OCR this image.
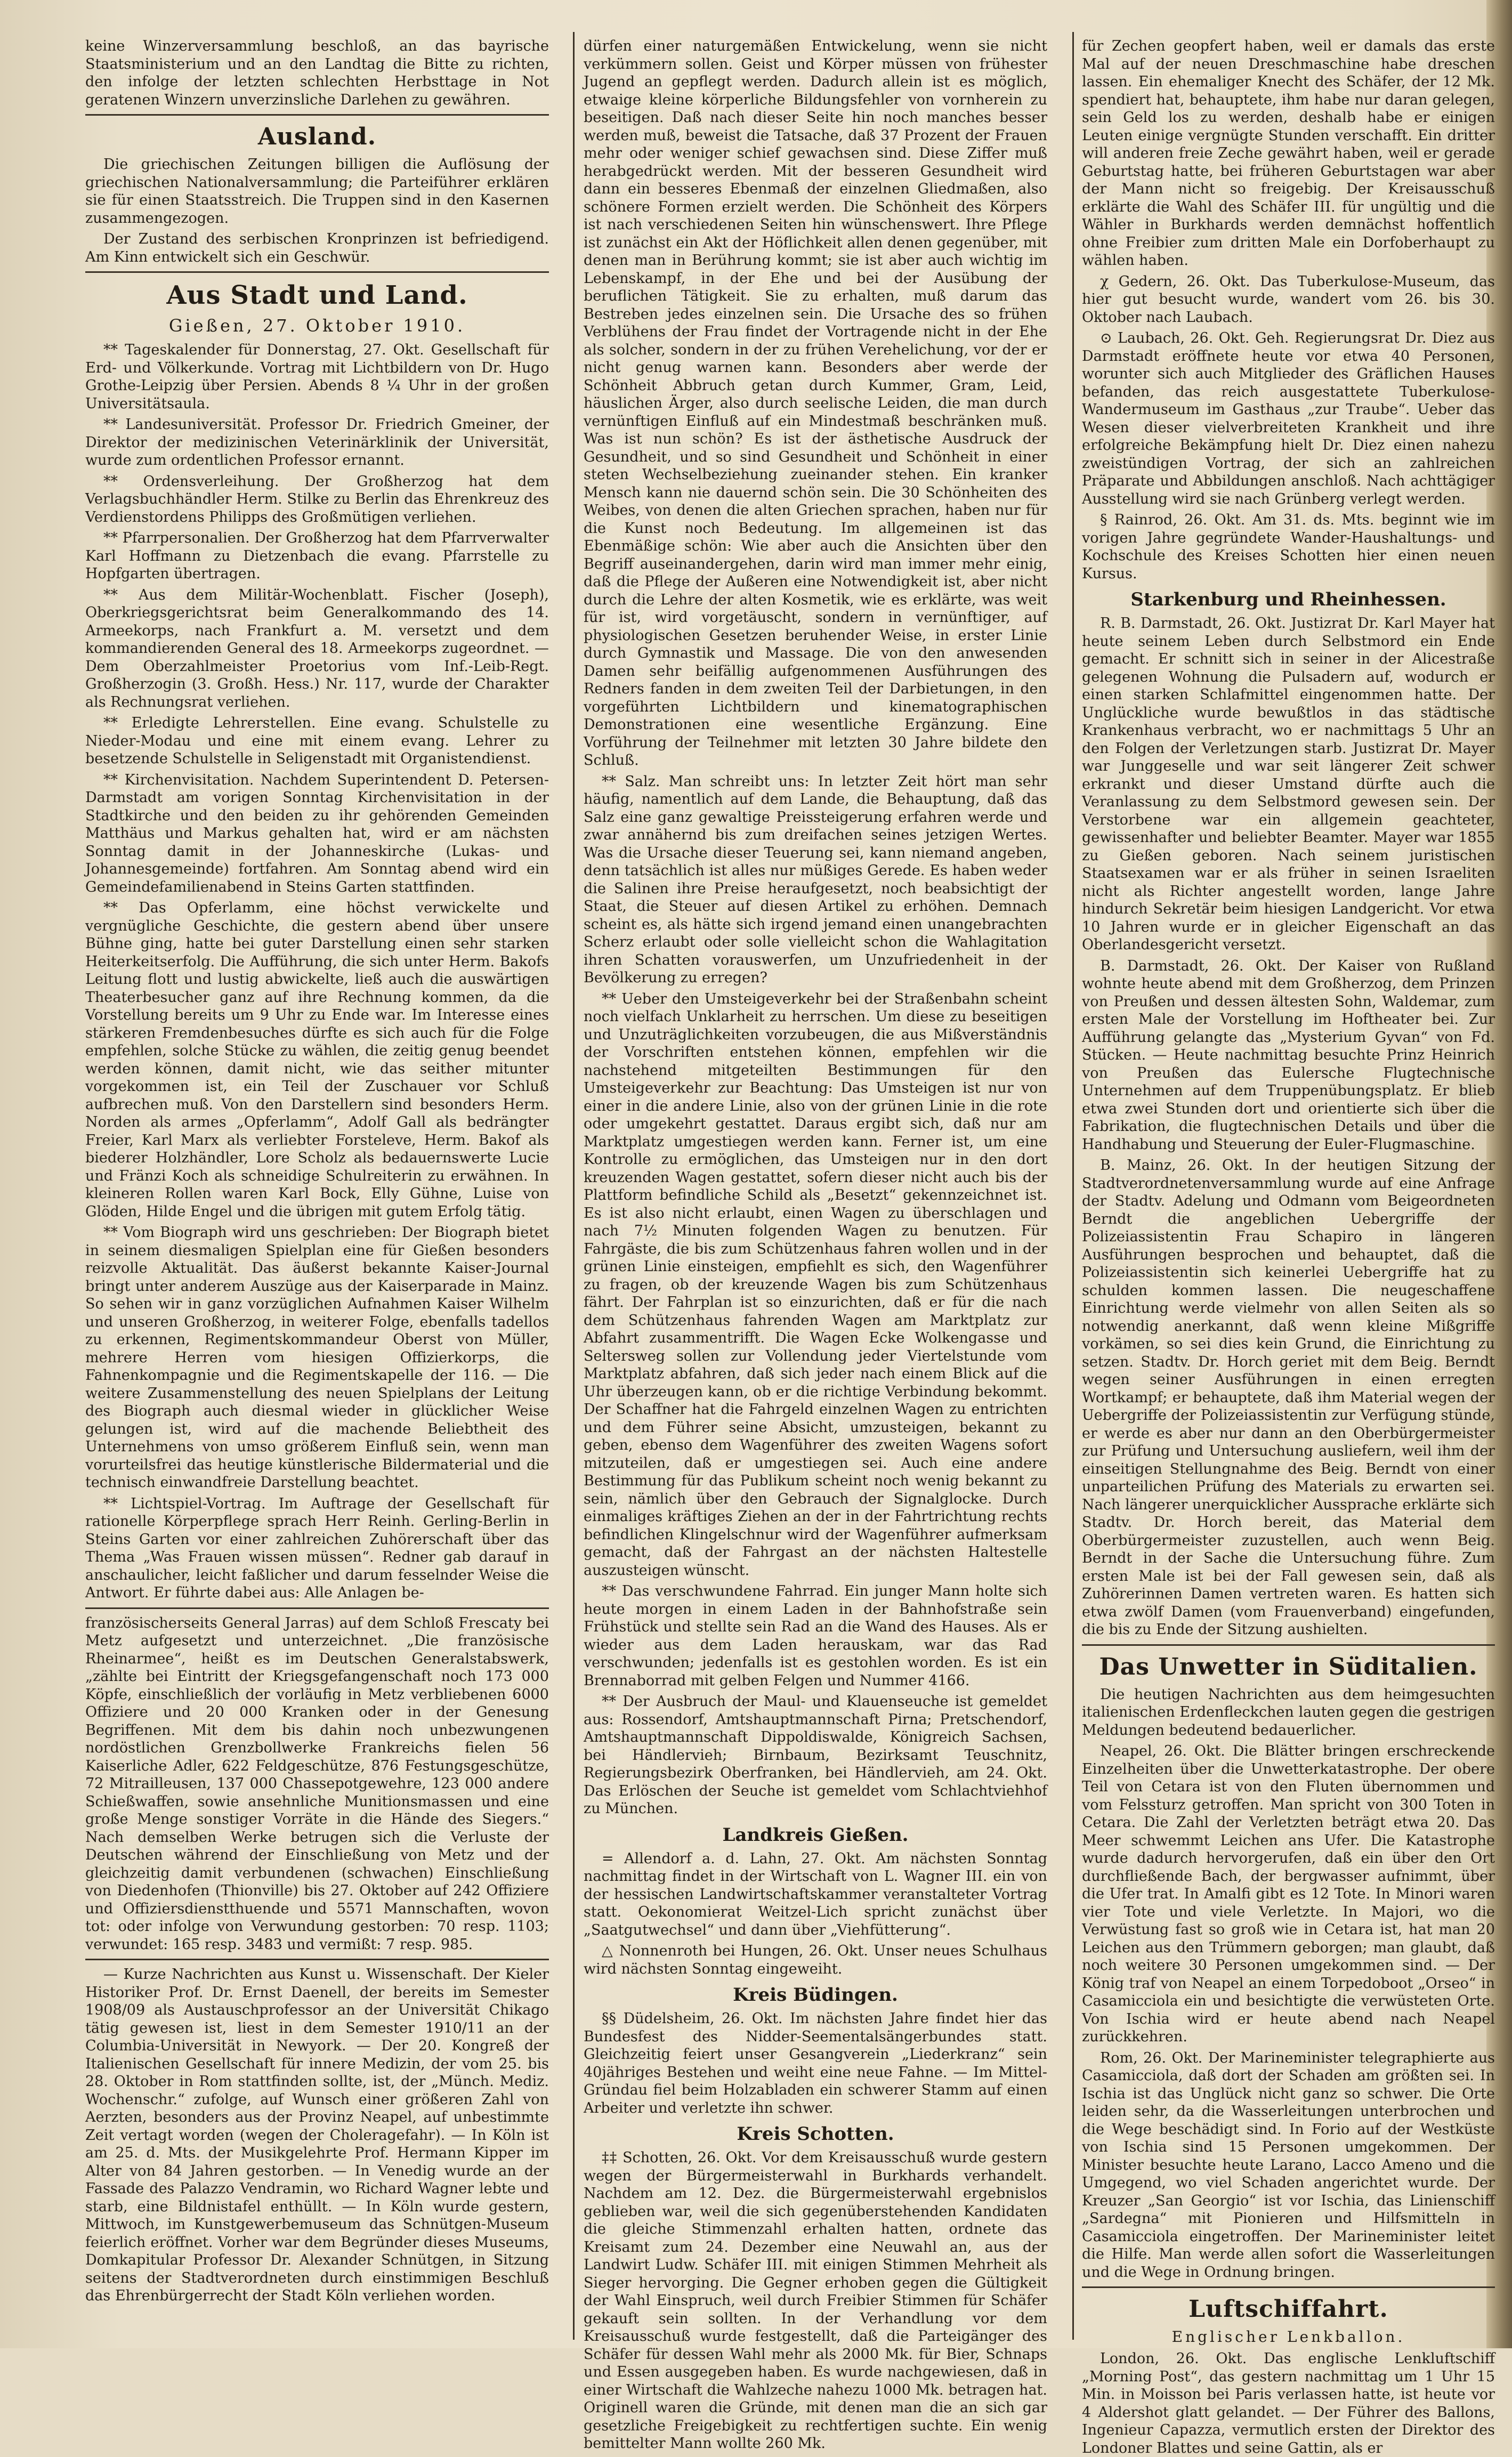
keine Winzerversammlung beschloß, an das bayrische Staatsministerium und an den Landtag die Bitte zu richten, den infolge der letzten schlechten Herbsttage in Not geratenen Winzern unverzinsliche Darlehen zu gewähren.

Ausland.

Die griechischen Zeitungen billigen die Auflösung der griechischen Nationalversammlung; die Parteiführer erklären sie für einen Staatsstreich. Die Truppen sind in den Kasernen zusammengezogen.

Der Zustand des serbischen Kronprinzen ist befriedigend. Am Kinn entwickelt sich ein Geschwür.

Aus Stadt und Land.
Gießen, 27. Oktober 1910.

** Tageskalender für Donnerstag, 27. Okt. Gesellschaft für Erd- und Völkerkunde. Vortrag mit Lichtbildern von Dr. Hugo Grothe-Leipzig über Persien. Abends 8 ¼ Uhr in der großen Universitätsaula.

** Landesuniversität. Professor Dr. Friedrich Gmeiner, der Direktor der medizinischen Veterinärklinik der Universität, wurde zum ordentlichen Professor ernannt.

** Ordensverleihung. Der Großherzog hat dem Verlagsbuchhändler Herm. Stilke zu Berlin das Ehrenkreuz des Verdienstordens Philipps des Großmütigen verliehen.

** Pfarrpersonalien. Der Großherzog hat dem Pfarrverwalter Karl Hoffmann zu Dietzenbach die evang. Pfarrstelle zu Hopfgarten übertragen.

** Aus dem Militär-Wochenblatt. Fischer (Joseph), Oberkriegsgerichtsrat beim Generalkommando des 14. Armeekorps, nach Frankfurt a. M. versetzt und dem kommandierenden General des 18. Armeekorps zugeordnet. — Dem Oberzahlmeister Proetorius vom Inf.-Leib-Regt. Großherzogin (3. Großh. Hess.) Nr. 117, wurde der Charakter als Rechnungsrat verliehen.

** Erledigte Lehrerstellen. Eine evang. Schulstelle zu Nieder-Modau und eine mit einem evang. Lehrer zu besetzende Schulstelle in Seligenstadt mit Organistendienst.

** Kirchenvisitation. Nachdem Superintendent D. Petersen-Darmstadt am vorigen Sonntag Kirchenvisitation in der Stadtkirche und den beiden zu ihr gehörenden Gemeinden Matthäus und Markus gehalten hat, wird er am nächsten Sonntag damit in der Johanneskirche (Lukas- und Johannesgemeinde) fortfahren. Am Sonntag abend wird ein Gemeindefamilienabend in Steins Garten stattfinden.

** Das Opferlamm, eine höchst verwickelte und vergnügliche Geschichte, die gestern abend über unsere Bühne ging, hatte bei guter Darstellung einen sehr starken Heiterkeitserfolg. Die Aufführung, die sich unter Herm. Bakofs Leitung flott und lustig abwickelte, ließ auch die auswärtigen Theaterbesucher ganz auf ihre Rechnung kommen, da die Vorstellung bereits um 9 Uhr zu Ende war. Im Interesse eines stärkeren Fremdenbesuches dürfte es sich auch für die Folge empfehlen, solche Stücke zu wählen, die zeitig genug beendet werden können, damit nicht, wie das seither mitunter vorgekommen ist, ein Teil der Zuschauer vor Schluß aufbrechen muß. Von den Darstellern sind besonders Herm. Norden als armes „Opferlamm“, Adolf Gall als bedrängter Freier, Karl Marx als verliebter Forsteleve, Herm. Bakof als biederer Holzhändler, Lore Scholz als bedauernswerte Lucie und Fränzi Koch als schneidige Schulreiterin zu erwähnen. In kleineren Rollen waren Karl Bock, Elly Gühne, Luise von Glöden, Hilde Engel und die übrigen mit gutem Erfolg tätig.

** Vom Biograph wird uns geschrieben: Der Biograph bietet in seinem diesmaligen Spielplan eine für Gießen besonders reizvolle Aktualität. Das äußerst bekannte Kaiser-Journal bringt unter anderem Auszüge aus der Kaiserparade in Mainz. So sehen wir in ganz vorzüglichen Aufnahmen Kaiser Wilhelm und unseren Großherzog, in weiterer Folge, ebenfalls tadellos zu erkennen, Regimentskommandeur Oberst von Müller, mehrere Herren vom hiesigen Offizierkorps, die Fahnenkompagnie und die Regimentskapelle der 116. — Die weitere Zusammenstellung des neuen Spielplans der Leitung des Biograph auch diesmal wieder in glücklicher Weise gelungen ist, wird auf die machende Beliebtheit des Unternehmens von umso größerem Einfluß sein, wenn man vorurteilsfrei das heutige künstlerische Bildermaterial und die technisch einwandfreie Darstellung beachtet.

** Lichtspiel-Vortrag. Im Auftrage der Gesellschaft für rationelle Körperpflege sprach Herr Reinh. Gerling-Berlin in Steins Garten vor einer zahlreichen Zuhörerschaft über das Thema „Was Frauen wissen müssen“. Redner gab darauf in anschaulicher, leicht faßlicher und darum fesselnder Weise die Antwort. Er führte dabei aus: Alle Anlagen be-

französischerseits General Jarras) auf dem Schloß Frescaty bei Metz aufgesetzt und unterzeichnet. „Die französische Rheinarmee“, heißt es im Deutschen Generalstabswerk, „zählte bei Eintritt der Kriegsgefangenschaft noch 173 000 Köpfe, einschließlich der vorläufig in Metz verbliebenen 6000 Offiziere und 20 000 Kranken oder in der Genesung Begriffenen. Mit dem bis dahin noch unbezwungenen nordöstlichen Grenzbollwerke Frankreichs fielen 56 Kaiserliche Adler, 622 Feldgeschütze, 876 Festungsgeschütze, 72 Mitrailleusen, 137 000 Chassepotgewehre, 123 000 andere Schießwaffen, sowie ansehnliche Munitionsmassen und eine große Menge sonstiger Vorräte in die Hände des Siegers.“ Nach demselben Werke betrugen sich die Verluste der Deutschen während der Einschließung von Metz und der gleichzeitig damit verbundenen (schwachen) Einschließung von Diedenhofen (Thionville) bis 27. Oktober auf 242 Offiziere und Offiziersdienstthuende und 5571 Mannschaften, wovon tot: oder infolge von Verwundung gestorben: 70 resp. 1103; verwundet: 165 resp. 3483 und vermißt: 7 resp. 985.

— Kurze Nachrichten aus Kunst u. Wissenschaft. Der Kieler Historiker Prof. Dr. Ernst Daenell, der bereits im Semester 1908/09 als Austauschprofessor an der Universität Chikago tätig gewesen ist, liest in dem Semester 1910/11 an der Columbia-Universität in Newyork. — Der 20. Kongreß der Italienischen Gesellschaft für innere Medizin, der vom 25. bis 28. Oktober in Rom stattfinden sollte, ist, der „Münch. Mediz. Wochenschr.“ zufolge, auf Wunsch einer größeren Zahl von Aerzten, besonders aus der Provinz Neapel, auf unbestimmte Zeit vertagt worden (wegen der Choleragefahr). — In Köln ist am 25. d. Mts. der Musikgelehrte Prof. Hermann Kipper im Alter von 84 Jahren gestorben. — In Venedig wurde an der Fassade des Palazzo Vendramin, wo Richard Wagner lebte und starb, eine Bildnistafel enthüllt. — In Köln wurde gestern, Mittwoch, im Kunstgewerbemuseum das Schnütgen-Museum feierlich eröffnet. Vorher war dem Begründer dieses Museums, Domkapitular Professor Dr. Alexander Schnütgen, in Sitzung seitens der Stadtverordneten durch einstimmigen Beschluß das Ehrenbürgerrecht der Stadt Köln verliehen worden.

dürfen einer naturgemäßen Entwickelung, wenn sie nicht verkümmern sollen. Geist und Körper müssen von frühester Jugend an gepflegt werden. Dadurch allein ist es möglich, etwaige kleine körperliche Bildungsfehler von vornherein zu beseitigen. Daß nach dieser Seite hin noch manches besser werden muß, beweist die Tatsache, daß 37 Prozent der Frauen mehr oder weniger schief gewachsen sind. Diese Ziffer muß herabgedrückt werden. Mit der besseren Gesundheit wird dann ein besseres Ebenmaß der einzelnen Gliedmaßen, also schönere Formen erzielt werden. Die Schönheit des Körpers ist nach verschiedenen Seiten hin wünschenswert. Ihre Pflege ist zunächst ein Akt der Höflichkeit allen denen gegenüber, mit denen man in Berührung kommt; sie ist aber auch wichtig im Lebenskampf, in der Ehe und bei der Ausübung der beruflichen Tätigkeit. Sie zu erhalten, muß darum das Bestreben jedes einzelnen sein. Die Ursache des so frühen Verblühens der Frau findet der Vortragende nicht in der Ehe als solcher, sondern in der zu frühen Verehelichung, vor der er nicht genug warnen kann. Besonders aber werde der Schönheit Abbruch getan durch Kummer, Gram, Leid, häuslichen Ärger, also durch seelische Leiden, die man durch vernünftigen Einfluß auf ein Mindestmaß beschränken muß. Was ist nun schön? Es ist der ästhetische Ausdruck der Gesundheit, und so sind Gesundheit und Schönheit in einer steten Wechselbeziehung zueinander stehen. Ein kranker Mensch kann nie dauernd schön sein. Die 30 Schönheiten des Weibes, von denen die alten Griechen sprachen, haben nur für die Kunst noch Bedeutung. Im allgemeinen ist das Ebenmäßige schön: Wie aber auch die Ansichten über den Begriff auseinandergehen, darin wird man immer mehr einig, daß die Pflege der Außeren eine Notwendigkeit ist, aber nicht durch die Lehre der alten Kosmetik, wie es erklärte, was weit für ist, wird vorgetäuscht, sondern in vernünftiger, auf physiologischen Gesetzen beruhender Weise, in erster Linie durch Gymnastik und Massage. Die von den anwesenden Damen sehr beifällig aufgenommenen Ausführungen des Redners fanden in dem zweiten Teil der Darbietungen, in den vorgeführten Lichtbildern und kinematographischen Demonstrationen eine wesentliche Ergänzung. Eine Vorführung der Teilnehmer mit letzten 30 Jahre bildete den Schluß.

** Salz. Man schreibt uns: In letzter Zeit hört man sehr häufig, namentlich auf dem Lande, die Behauptung, daß das Salz eine ganz gewaltige Preissteigerung erfahren werde und zwar annähernd bis zum dreifachen seines jetzigen Wertes. Was die Ursache dieser Teuerung sei, kann niemand angeben, denn tatsächlich ist alles nur müßiges Gerede. Es haben weder die Salinen ihre Preise heraufgesetzt, noch beabsichtigt der Staat, die Steuer auf diesen Artikel zu erhöhen. Demnach scheint es, als hätte sich irgend jemand einen unangebrachten Scherz erlaubt oder solle vielleicht schon die Wahlagitation ihren Schatten vorauswerfen, um Unzufriedenheit in der Bevölkerung zu erregen?

** Ueber den Umsteigeverkehr bei der Straßenbahn scheint noch vielfach Unklarheit zu herrschen. Um diese zu beseitigen und Unzuträglichkeiten vorzubeugen, die aus Mißverständnis der Vorschriften entstehen können, empfehlen wir die nachstehend mitgeteilten Bestimmungen für den Umsteigeverkehr zur Beachtung: Das Umsteigen ist nur von einer in die andere Linie, also von der grünen Linie in die rote oder umgekehrt gestattet. Daraus ergibt sich, daß nur am Marktplatz umgestiegen werden kann. Ferner ist, um eine Kontrolle zu ermöglichen, das Umsteigen nur in den dort kreuzenden Wagen gestattet, sofern dieser nicht auch bis der Plattform befindliche Schild als „Besetzt“ gekennzeichnet ist. Es ist also nicht erlaubt, einen Wagen zu überschlagen und nach 7½ Minuten folgenden Wagen zu benutzen. Für Fahrgäste, die bis zum Schützenhaus fahren wollen und in der grünen Linie einsteigen, empfiehlt es sich, den Wagenführer zu fragen, ob der kreuzende Wagen bis zum Schützenhaus fährt. Der Fahrplan ist so einzurichten, daß er für die nach dem Schützenhaus fahrenden Wagen am Marktplatz zur Abfahrt zusammentrifft. Die Wagen Ecke Wolkengasse und Seltersweg sollen zur Vollendung jeder Viertelstunde vom Marktplatz abfahren, daß sich jeder nach einem Blick auf die Uhr überzeugen kann, ob er die richtige Verbindung bekommt. Der Schaffner hat die Fahrgeld einzelnen Wagen zu entrichten und dem Führer seine Absicht, umzusteigen, bekannt zu geben, ebenso dem Wagenführer des zweiten Wagens sofort mitzuteilen, daß er umgestiegen sei. Auch eine andere Bestimmung für das Publikum scheint noch wenig bekannt zu sein, nämlich über den Gebrauch der Signalglocke. Durch einmaliges kräftiges Ziehen an der in der Fahrtrichtung rechts befindlichen Klingelschnur wird der Wagenführer aufmerksam gemacht, daß der Fahrgast an der nächsten Haltestelle auszusteigen wünscht.

** Das verschwundene Fahrrad. Ein junger Mann holte sich heute morgen in einem Laden in der Bahnhofstraße sein Frühstück und stellte sein Rad an die Wand des Hauses. Als er wieder aus dem Laden herauskam, war das Rad verschwunden; jedenfalls ist es gestohlen worden. Es ist ein Brennaborrad mit gelben Felgen und Nummer 4166.

** Der Ausbruch der Maul- und Klauenseuche ist gemeldet aus: Rossendorf, Amtshauptmannschaft Pirna; Pretschendorf, Amtshauptmannschaft Dippoldiswalde, Königreich Sachsen, bei Händlervieh; Birnbaum, Bezirksamt Teuschnitz, Regierungsbezirk Oberfranken, bei Händlervieh, am 24. Okt. Das Erlöschen der Seuche ist gemeldet vom Schlachtviehhof zu München.

Landkreis Gießen.

= Allendorf a. d. Lahn, 27. Okt. Am nächsten Sonntag nachmittag findet in der Wirtschaft von L. Wagner III. ein von der hessischen Landwirtschaftskammer veranstalteter Vortrag statt. Oekonomierat Weitzel-Lich spricht zunächst über „Saatgutwechsel“ und dann über „Viehfütterung“.

△ Nonnenroth bei Hungen, 26. Okt. Unser neues Schulhaus wird nächsten Sonntag eingeweiht.

Kreis Büdingen.

§§ Düdelsheim, 26. Okt. Im nächsten Jahre findet hier das Bundesfest des Nidder-Seementalsängerbundes statt. Gleichzeitig feiert unser Gesangverein „Liederkranz“ sein 40jähriges Bestehen und weiht eine neue Fahne. — Im Mittel-Gründau fiel beim Holzabladen ein schwerer Stamm auf einen Arbeiter und verletzte ihn schwer.

Kreis Schotten.

‡‡ Schotten, 26. Okt. Vor dem Kreisausschuß wurde gestern wegen der Bürgermeisterwahl in Burkhards verhandelt. Nachdem am 12. Dez. die Bürgermeisterwahl ergebnislos geblieben war, weil die sich gegenüberstehenden Kandidaten die gleiche Stimmenzahl erhalten hatten, ordnete das Kreisamt zum 24. Dezember eine Neuwahl an, aus der Landwirt Ludw. Schäfer III. mit einigen Stimmen Mehrheit als Sieger hervorging. Die Gegner erhoben gegen die Gültigkeit der Wahl Einspruch, weil durch Freibier Stimmen für Schäfer gekauft sein sollten. In der Verhandlung vor dem Kreisausschuß wurde festgestellt, daß die Parteigänger des Schäfer für dessen Wahl mehr als 2000 Mk. für Bier, Schnaps und Essen ausgegeben haben. Es wurde nachgewiesen, daß in einer Wirtschaft die Wahlzeche nahezu 1000 Mk. betragen hat. Originell waren die Gründe, mit denen man die an sich gar gesetzliche Freigebigkeit zu rechtfertigen suchte. Ein wenig bemittelter Mann wollte 260 Mk.

für Zechen geopfert haben, weil er damals das erste Mal auf der neuen Dreschmaschine habe dreschen lassen. Ein ehemaliger Knecht des Schäfer, der 12 Mk. spendiert hat, behauptete, ihm habe nur daran gelegen, sein Geld los zu werden, deshalb habe er einigen Leuten einige vergnügte Stunden verschafft. Ein dritter will anderen freie Zeche gewährt haben, weil er gerade Geburtstag hatte, bei früheren Geburtstagen war aber der Mann nicht so freigebig. Der Kreisausschuß erklärte die Wahl des Schäfer III. für ungültig und die Wähler in Burkhards werden demnächst hoffentlich ohne Freibier zum dritten Male ein Dorfoberhaupt zu wählen haben.

χ Gedern, 26. Okt. Das Tuberkulose-Museum, das hier gut besucht wurde, wandert vom 26. bis 30. Oktober nach Laubach.

⊙ Laubach, 26. Okt. Geh. Regierungsrat Dr. Diez aus Darmstadt eröffnete heute vor etwa 40 Personen, worunter sich auch Mitglieder des Gräflichen Hauses befanden, das reich ausgestattete Tuberkulose-Wandermuseum im Gasthaus „zur Traube“. Ueber das Wesen dieser vielverbreiteten Krankheit und ihre erfolgreiche Bekämpfung hielt Dr. Diez einen nahezu zweistündigen Vortrag, der sich an zahlreichen Präparate und Abbildungen anschloß. Nach achttägiger Ausstellung wird sie nach Grünberg verlegt werden.

§ Rainrod, 26. Okt. Am 31. ds. Mts. beginnt wie im vorigen Jahre gegründete Wander-Haushaltungs- und Kochschule des Kreises Schotten hier einen neuen Kursus.

Starkenburg und Rheinhessen.

R. B. Darmstadt, 26. Okt. Justizrat Dr. Karl Mayer hat heute seinem Leben durch Selbstmord ein Ende gemacht. Er schnitt sich in seiner in der Alicestraße gelegenen Wohnung die Pulsadern auf, wodurch er einen starken Schlafmittel eingenommen hatte. Der Unglückliche wurde bewußtlos in das städtische Krankenhaus verbracht, wo er nachmittags 5 Uhr an den Folgen der Verletzungen starb. Justizrat Dr. Mayer war Junggeselle und war seit längerer Zeit schwer erkrankt und dieser Umstand dürfte auch die Veranlassung zu dem Selbstmord gewesen sein. Der Verstorbene war ein allgemein geachteter, gewissenhafter und beliebter Beamter. Mayer war 1855 zu Gießen geboren. Nach seinem juristischen Staatsexamen war er als früher in seinen Israeliten nicht als Richter angestellt worden, lange Jahre hindurch Sekretär beim hiesigen Landgericht. Vor etwa 10 Jahren wurde er in gleicher Eigenschaft an das Oberlandesgericht versetzt.

B. Darmstadt, 26. Okt. Der Kaiser von Rußland wohnte heute abend mit dem Großherzog, dem Prinzen von Preußen und dessen ältesten Sohn, Waldemar, zum ersten Male der Vorstellung im Hoftheater bei. Zur Aufführung gelangte das „Mysterium Gyvan“ von Fd. Stücken. — Heute nachmittag besuchte Prinz Heinrich von Preußen das Eulersche Flugtechnische Unternehmen auf dem Truppenübungsplatz. Er blieb etwa zwei Stunden dort und orientierte sich über die Fabrikation, die flugtechnischen Details und über die Handhabung und Steuerung der Euler-Flugmaschine.

B. Mainz, 26. Okt. In der heutigen Sitzung der Stadtverordnetenversammlung wurde auf eine Anfrage der Stadtv. Adelung und Odmann vom Beigeordneten Berndt die angeblichen Uebergriffe der Polizeiassistentin Frau Schapiro in längeren Ausführungen besprochen und behauptet, daß die Polizeiassistentin sich keinerlei Uebergriffe hat zu schulden kommen lassen. Die neugeschaffene Einrichtung werde vielmehr von allen Seiten als so notwendig anerkannt, daß wenn kleine Mißgriffe vorkämen, so sei dies kein Grund, die Einrichtung zu setzen. Stadtv. Dr. Horch geriet mit dem Beig. Berndt wegen seiner Ausführungen in einen erregten Wortkampf; er behauptete, daß ihm Material wegen der Uebergriffe der Polizeiassistentin zur Verfügung stünde, er werde es aber nur dann an den Oberbürgermeister zur Prüfung und Untersuchung ausliefern, weil ihm der einseitigen Stellungnahme des Beig. Berndt von einer unparteilichen Prüfung des Materials zu erwarten sei. Nach längerer unerquicklicher Aussprache erklärte sich Stadtv. Dr. Horch bereit, das Material dem Oberbürgermeister zuzustellen, auch wenn Beig. Berndt in der Sache die Untersuchung führe. Zum ersten Male ist bei der Fall gewesen sein, daß als Zuhörerinnen Damen vertreten waren. Es hatten sich etwa zwölf Damen (vom Frauenverband) eingefunden, die bis zu Ende der Sitzung aushielten.

Das Unwetter in Süditalien.

Die heutigen Nachrichten aus dem heimgesuchten italienischen Erdenfleckchen lauten gegen die gestrigen Meldungen bedeutend bedauerlicher.

Neapel, 26. Okt. Die Blätter bringen erschreckende Einzelheiten über die Unwetterkatastrophe. Der obere Teil von Cetara ist von den Fluten übernommen und vom Felssturz getroffen. Man spricht von 300 Toten in Cetara. Die Zahl der Verletzten beträgt etwa 20. Das Meer schwemmt Leichen ans Ufer. Die Katastrophe wurde dadurch hervorgerufen, daß ein über den Ort durchfließende Bach, der bergwasser aufnimmt, über die Ufer trat. In Amalfi gibt es 12 Tote. In Minori waren vier Tote und viele Verletzte. In Majori, wo die Verwüstung fast so groß wie in Cetara ist, hat man 20 Leichen aus den Trümmern geborgen; man glaubt, daß noch weitere 30 Personen umgekommen sind. — Der König traf von Neapel an einem Torpedoboot „Orseo“ in Casamicciola ein und besichtigte die verwüsteten Orte. Von Ischia wird er heute abend nach Neapel zurückkehren.

Rom, 26. Okt. Der Marineminister telegraphierte aus Casamicciola, daß dort der Schaden am größten sei. In Ischia ist das Unglück nicht ganz so schwer. Die Orte leiden sehr, da die Wasserleitungen unterbrochen und die Wege beschädigt sind. In Forio auf der Westküste von Ischia sind 15 Personen umgekommen. Der Minister besuchte heute Larano, Lacco Ameno und die Umgegend, wo viel Schaden angerichtet wurde. Der Kreuzer „San Georgio“ ist vor Ischia, das Linienschiff „Sardegna“ mit Pionieren und Hilfsmitteln in Casamicciola eingetroffen. Der Marineminister leitet die Hilfe. Man werde allen sofort die Wasserleitungen und die Wege in Ordnung bringen.

Luftschiffahrt.
Englischer Lenkballon.

London, 26. Okt. Das englische Lenkluftschiff „Morning Post“, das gestern nachmittag um 1 Uhr 15 Min. in Moisson bei Paris verlassen hatte, ist heute vor 4 Aldershot glatt gelandet. — Der Führer des Ballons, Ingenieur Capazza, vermutlich ersten der Direktor des Londoner Blattes und seine Gattin, als er
